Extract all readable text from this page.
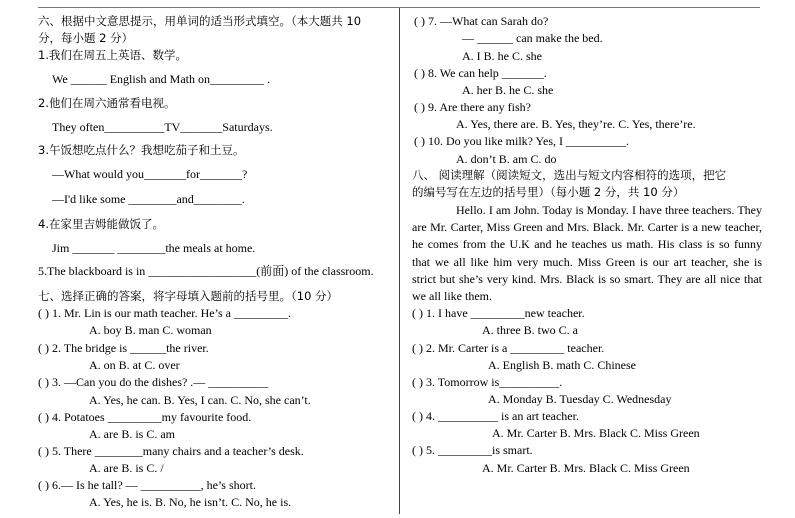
六、根据中文意思提示，用单词的适当形式填空。（本大题共 10
分，每小题 2 分）
1.我们在周五上英语、数学。
We ______ English and Math on_________ .
2.他们在周六通常看电视。
They often__________TV_______Saturdays.
3.午饭想吃点什么？我想吃茄子和土豆。
―What would you_______for_______?
―I'd like some ________and________.
4.在家里吉姆能做饭了。
Jim _______ ________the meals at home.
5.The blackboard is in __________________(前面) of the classroom.
七、选择正确的答案，将字母填入题前的括号里。（10 分）
( ) 1. Mr. Lin is our math teacher. He’s a _________.
A. boy B. man C. woman
( ) 2. The bridge is ______the river.
A. on B. at C. over
( ) 3. ―Can you do the dishes? .― __________
A. Yes, he can. B. Yes, I can. C. No, she can’t.
( ) 4. Potatoes _________my favourite food.
A. are B. is C. am
( ) 5. There ________many chairs and a teacher’s desk.
A. are B. is C. /
( ) 6.― Is he tall? ― __________, he’s short.
A. Yes, he is. B. No, he isn’t. C. No, he is.
( ) 7. ―What can Sarah do?
― ______ can make the bed.
A. I B. he C. she
( ) 8. We can help _______.
A. her B. he C. she
( ) 9. Are there any fish?
A. Yes, there are. B. Yes, they’re. C. Yes, there’re.
( ) 10. Do you like milk? Yes, I __________.
A. don’t B. am C. do
八、 阅读理解（阅读短文，选出与短文内容相符的选项，把它
的编号写在左边的括号里）（每小题 2 分，共 10 分）
( ) 1. I have _________new teacher.
A. three B. two C. a
( ) 2. Mr. Carter is a _________ teacher.
A. English B. math C. Chinese
( ) 3. Tomorrow is__________.
A. Monday B. Tuesday C. Wednesday
( ) 4. __________ is an art teacher.
A. Mr. Carter B. Mrs. Black C. Miss Green
( ) 5. _________is smart.
A. Mr. Carter B. Mrs. Black C. Miss Green
Hello. I am John. Today is Monday. I have three teachers. They are Mr. Carter, Miss Green and Mrs. Black. Mr. Carter is a new teacher, he comes from the U.K and he teaches us math. His class is so funny that we all like him very much. Miss Green is our art teacher, she is strict but she’s very kind. Mrs. Black is so smart. They are all nice that we all like them.
